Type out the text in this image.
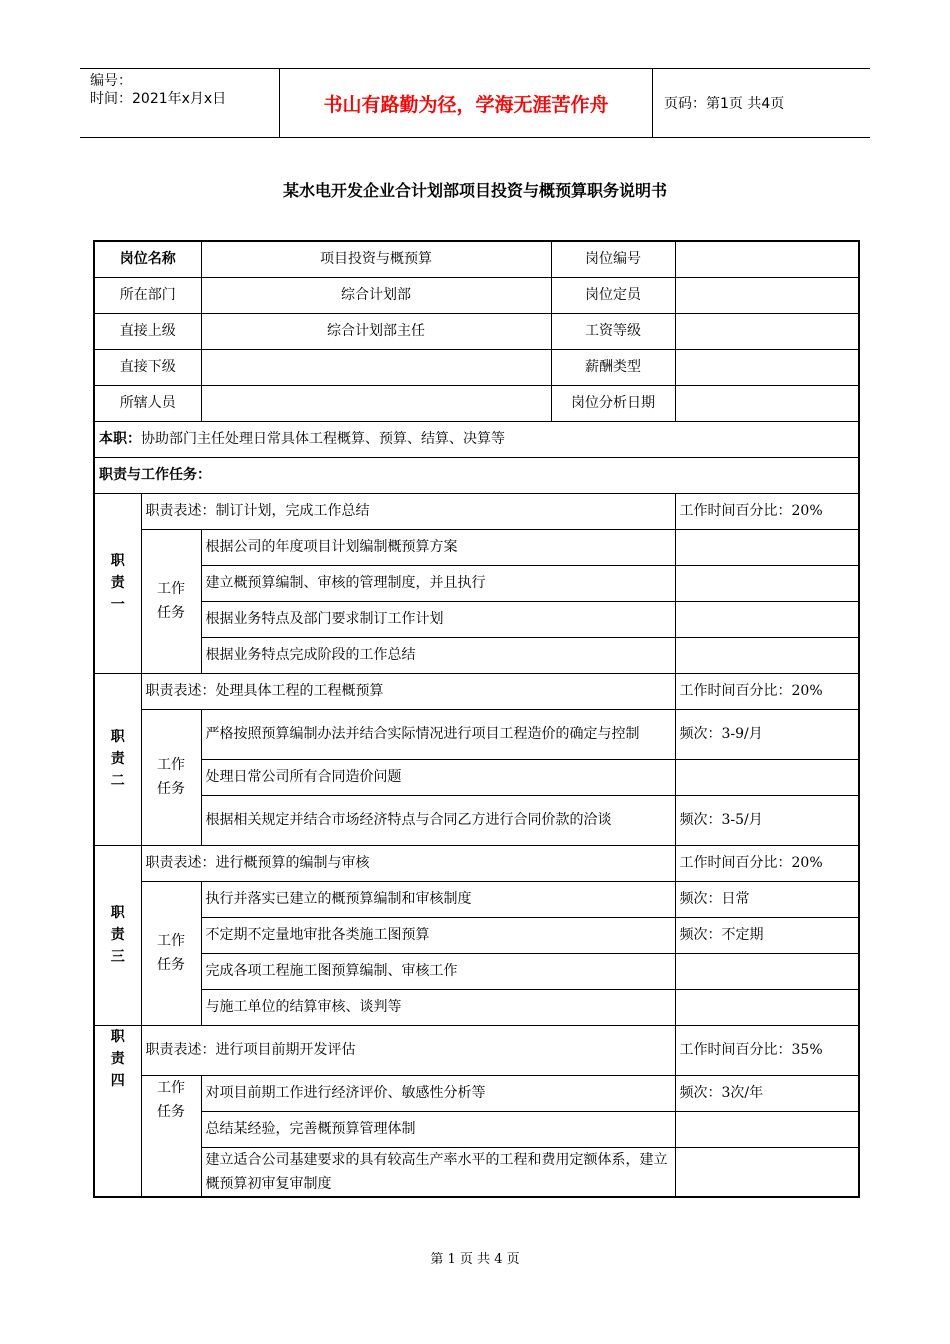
编号：
时间：2021年x月x日	书山有路勤为径，学海无涯苦作舟	页码：第1页 共4页
某水电开发企业合计划部项目投资与概预算职务说明书
岗位名称		项目投资与概预算	岗位编号	
所在部门		综合计划部	岗位定员	
直接上级		综合计划部主任	工资等级	
直接下级			薪酬类型	
所辖人员			岗位分析日期	
本职：协助部门主任处理日常具体工程概算、预算、结算、决算等				
职责与工作任务：				

职
责
一	职责表述：制订计划，完成工作总结			工作时间百分比：20%

	工作
任务	根据公司的年度项目计划编制概预算方案		
		建立概预算编制、审核的管理制度，并且执行		
		根据业务特点及部门要求制订工作计划		
		根据业务特点完成阶段的工作总结		

职
责
二	职责表述：处理具体工程的工程概预算			工作时间百分比：20%

	工作
任务	严格按照预算编制办法并结合实际情况进行项目工程造价的确定与控制		频次：3-9/月
		处理日常公司所有合同造价问题		
		根据相关规定并结合市场经济特点与合同乙方进行合同价款的洽谈		频次：3-5/月

职
责
三	职责表述：进行概预算的编制与审核			工作时间百分比：20%

	工作
任务	执行并落实已建立的概预算编制和审核制度		频次：日常
		不定期不定量地审批各类施工图预算		频次：不定期
		完成各项工程施工图预算编制、审核工作		
		与施工单位的结算审核、谈判等		

职
责
四	职责表述：进行项目前期开发评估			工作时间百分比：35%

	工作
任务	对项目前期工作进行经济评价、敏感性分析等		频次：3次/年
		总结某经验，完善概预算管理体制		
		建立适合公司基建要求的具有较高生产率水平的工程和费用定额体系，建立概预算初审复审制度		
第 1 页 共 4 页
